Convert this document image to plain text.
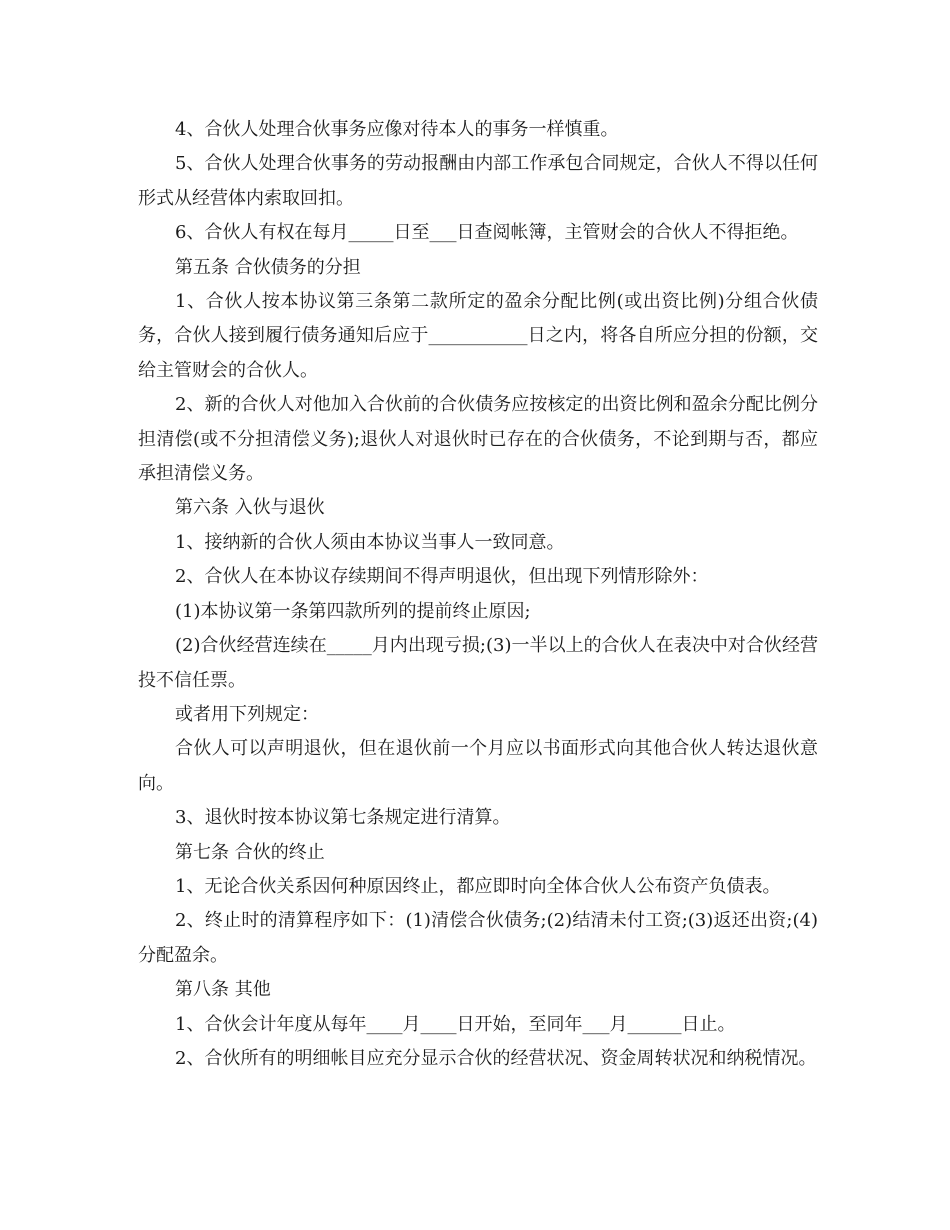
4、合伙人处理合伙事务应像对待本人的事务一样慎重。

5、合伙人处理合伙事务的劳动报酬由内部工作承包合同规定，合伙人不得以任何形式从经营体内索取回扣。

6、合伙人有权在每月_____日至___日查阅帐簿，主管财会的合伙人不得拒绝。

第五条 合伙债务的分担

1、合伙人按本协议第三条第二款所定的盈余分配比例(或出资比例)分组合伙债务，合伙人接到履行债务通知后应于___________日之内，将各自所应分担的份额，交给主管财会的合伙人。

2、新的合伙人对他加入合伙前的合伙债务应按核定的出资比例和盈余分配比例分担清偿(或不分担清偿义务);退伙人对退伙时已存在的合伙债务，不论到期与否，都应承担清偿义务。

第六条 入伙与退伙

1、接纳新的合伙人须由本协议当事人一致同意。

2、合伙人在本协议存续期间不得声明退伙，但出现下列情形除外：

(1)本协议第一条第四款所列的提前终止原因;

(2)合伙经营连续在_____月内出现亏损;(3)一半以上的合伙人在表决中对合伙经营投不信任票。

或者用下列规定：

合伙人可以声明退伙，但在退伙前一个月应以书面形式向其他合伙人转达退伙意向。

3、退伙时按本协议第七条规定进行清算。

第七条 合伙的终止

1、无论合伙关系因何种原因终止，都应即时向全体合伙人公布资产负债表。

2、终止时的清算程序如下：(1)清偿合伙债务;(2)结清未付工资;(3)返还出资;(4)分配盈余。

第八条 其他

1、合伙会计年度从每年____月____日开始，至同年___月______日止。

2、合伙所有的明细帐目应充分显示合伙的经营状况、资金周转状况和纳税情况。
